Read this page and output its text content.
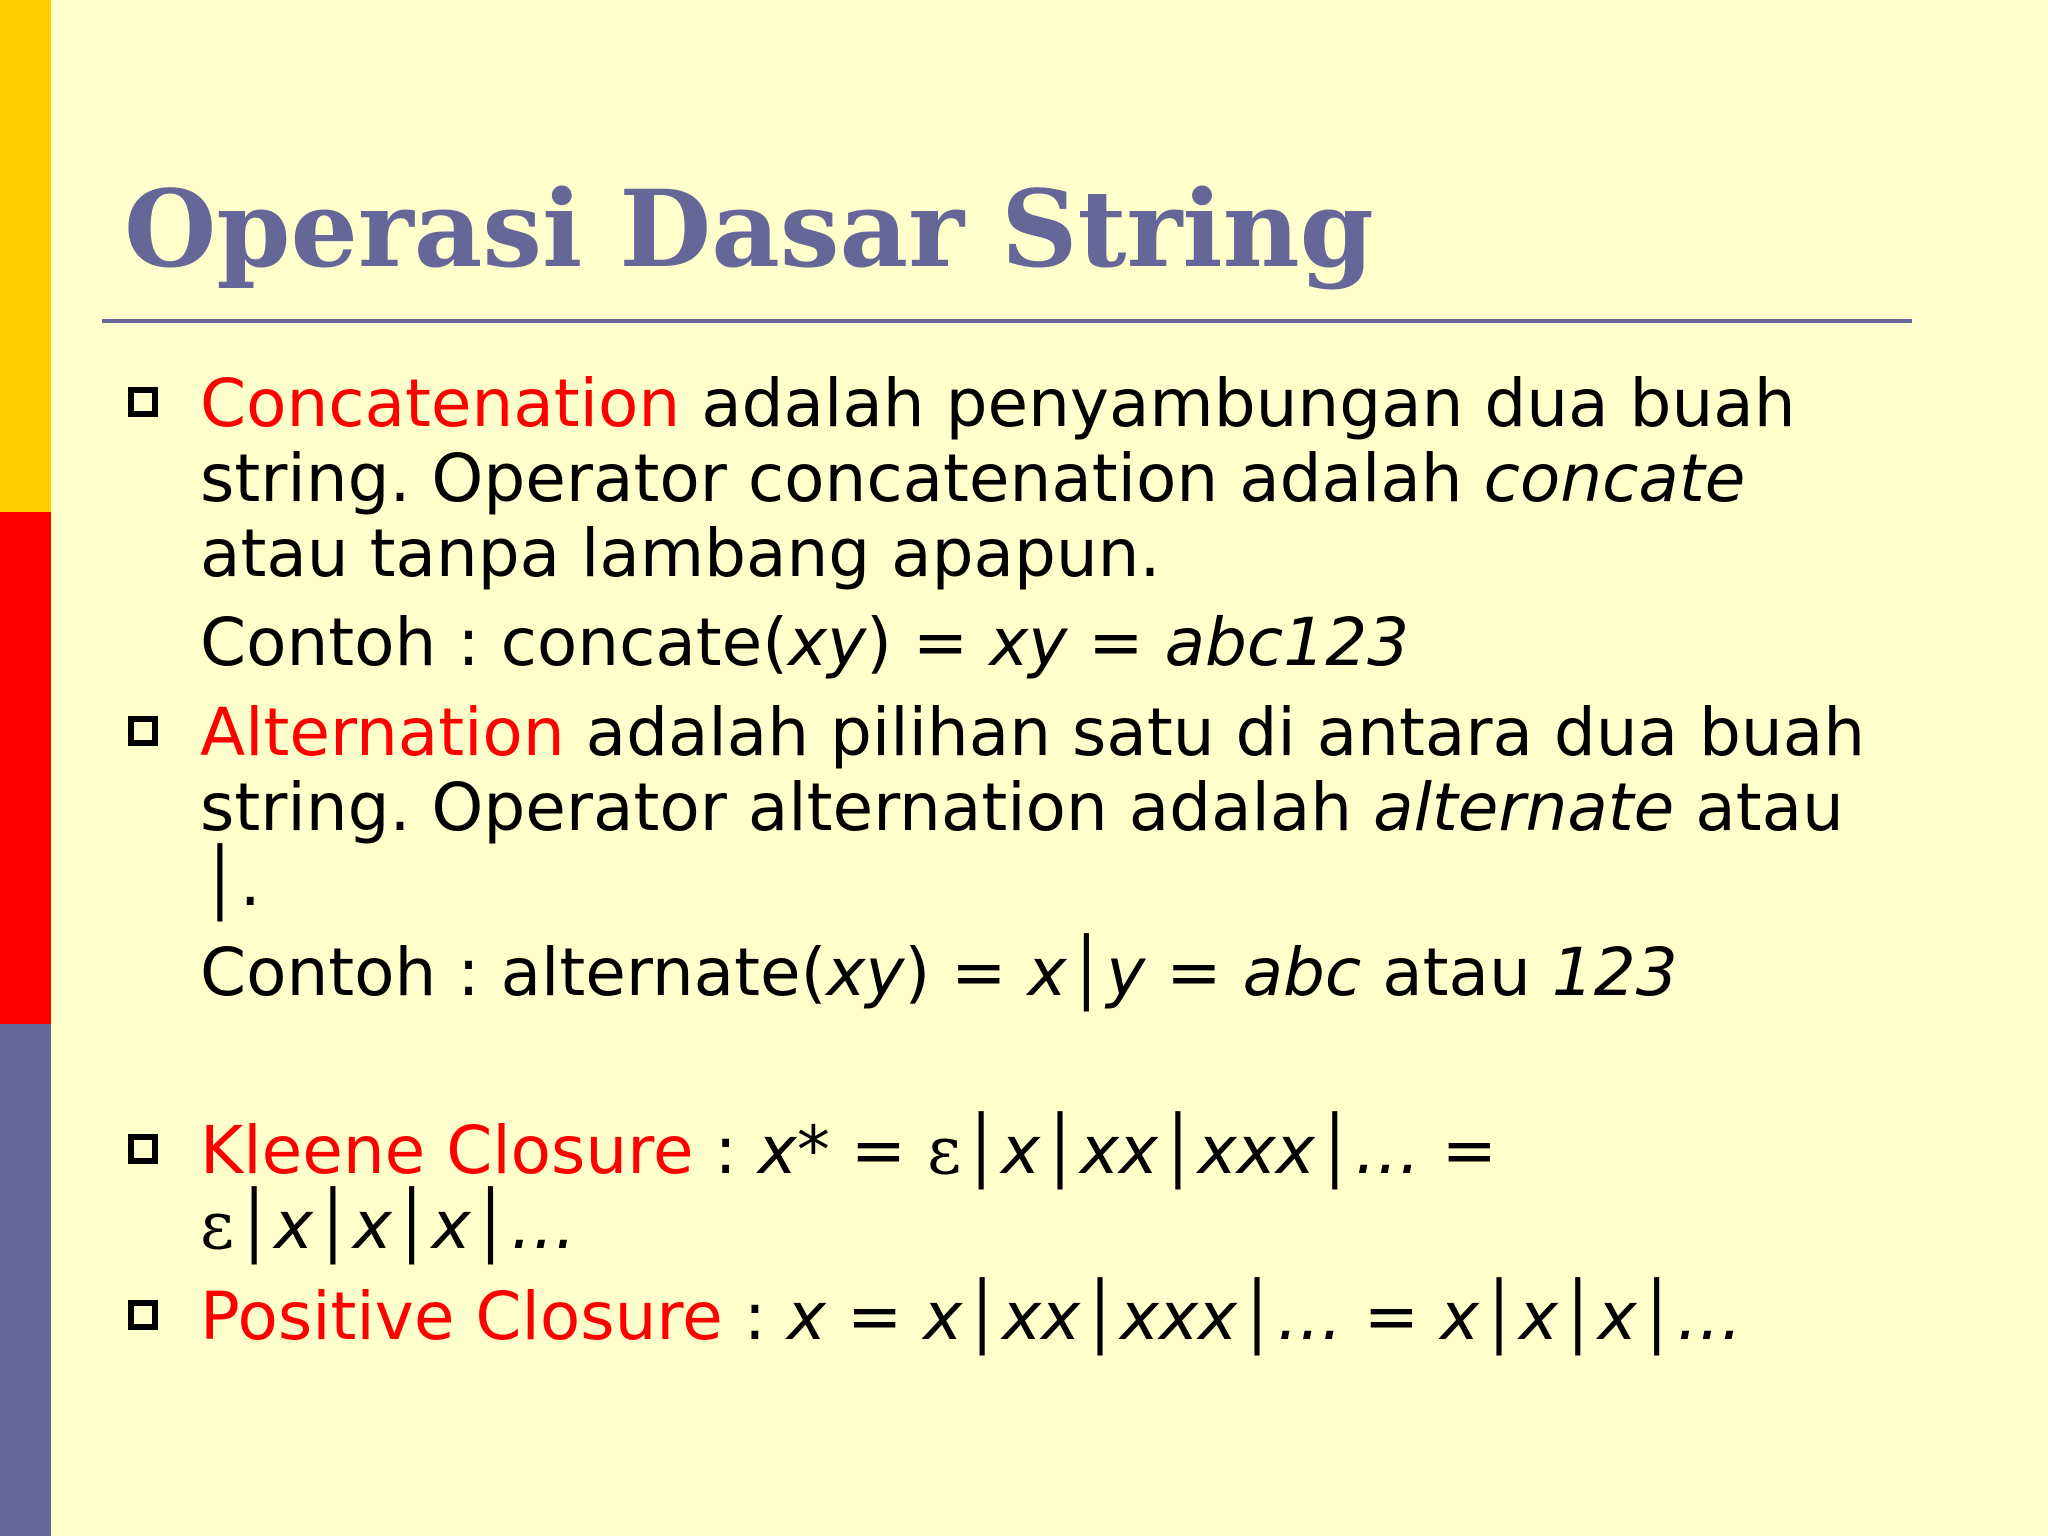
Operasi Dasar String
Concatenation adalah penyambungan dua buah
string. Operator concatenation adalah concate
atau tanpa lambang apapun.
Contoh : concate(xy) = xy = abc123
Alternation adalah pilihan satu di antara dua buah
string. Operator alternation adalah alternate atau
│.
Contoh : alternate(xy) = x│y = abc atau 123
Kleene Closure : x* = ε│x│xx│xxx│… =
ε│x│x│x│…
Positive Closure : x = x│xx│xxx│… = x│x│x│…
